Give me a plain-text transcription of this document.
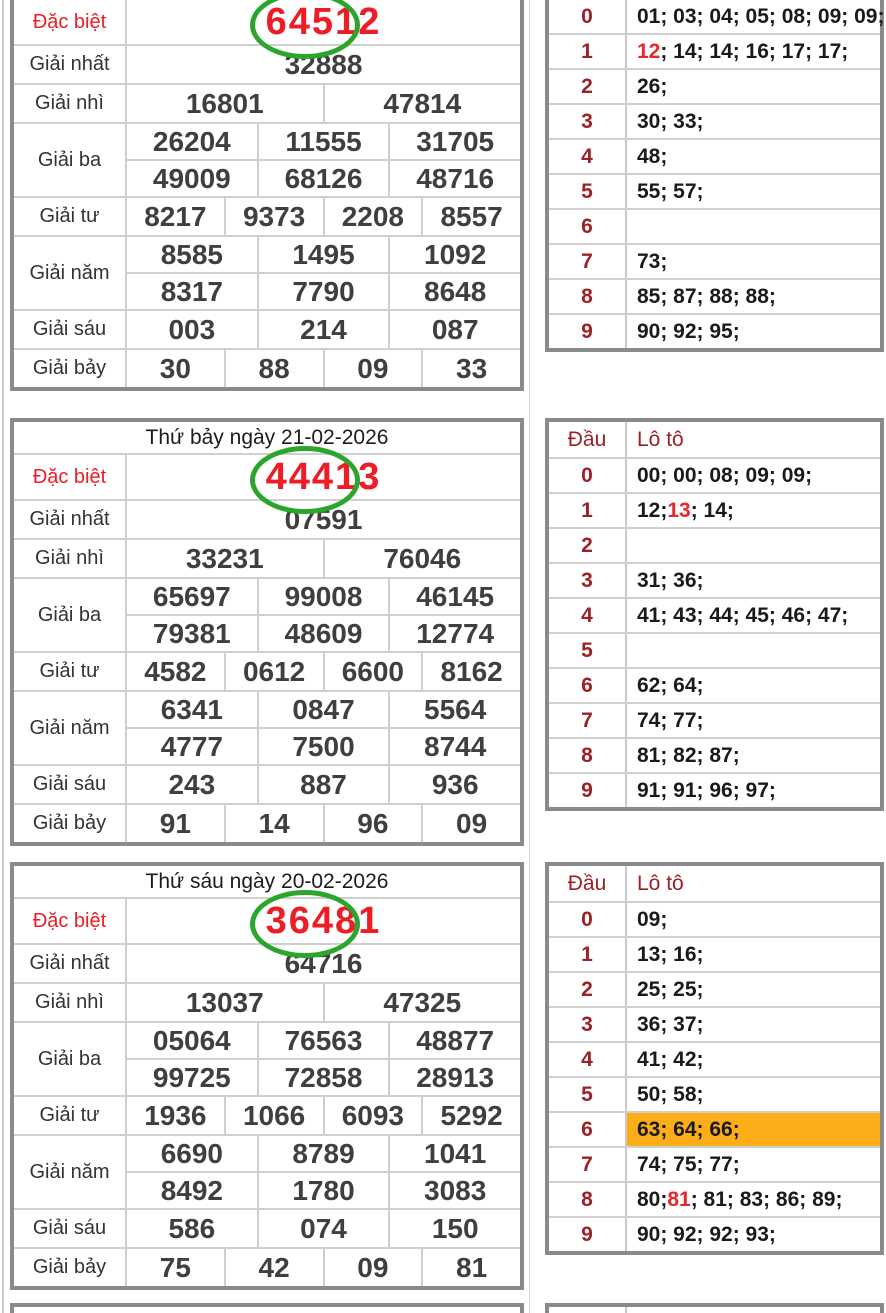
Đặc biệt	64512
Giải nhất	32888
Giải nhì	16801	47814
Giải ba
26204	11555	31705
49009	68126	48716
Giải tư	8217	9373	2208	8557
Giải năm
8585	1495	1092
8317	7790	8648
Giải sáu	003	214	087
Giải bảy	30	88	09	33
Thứ bảy ngày 21-02-2026
Đặc biệt	44413
Giải nhất	07591
Giải nhì	33231	76046
Giải ba
65697	99008	46145
79381	48609	12774
Giải tư	4582	0612	6600	8162
Giải năm
6341	0847	5564
4777	7500	8744
Giải sáu	243	887	936
Giải bảy	91	14	96	09
Thứ sáu ngày 20-02-2026
Đặc biệt	36481
Giải nhất	64716
Giải nhì	13037	47325
Giải ba
05064	76563	48877
99725	72858	28913
Giải tư	1936	1066	6093	5292
Giải năm
6690	8789	1041
8492	1780	3083
Giải sáu	586	074	150
Giải bảy	75	42	09	81
0	01; 03; 04; 05; 08; 09; 09;
1	12 ; 14; 14; 16; 17; 17;
2	26;
3	30; 33;
4	48;
5	55; 57;
6
7	73;
8	85; 87; 88; 88;
9	90; 92; 95;
Đầu	Lô tô
0	00; 00; 08; 09; 09;
1	12; 13 ; 14;
2
3	31; 36;
4	41; 43; 44; 45; 46; 47;
5
6	62; 64;
7	74; 77;
8	81; 82; 87;
9	91; 91; 96; 97;
Đầu	Lô tô
0	09;
1	13; 16;
2	25; 25;
3	36; 37;
4	41; 42;
5	50; 58;
6	63; 64; 66;
7	74; 75; 77;
8	80; 81 ; 81; 83; 86; 89;
9	90; 92; 92; 93;
